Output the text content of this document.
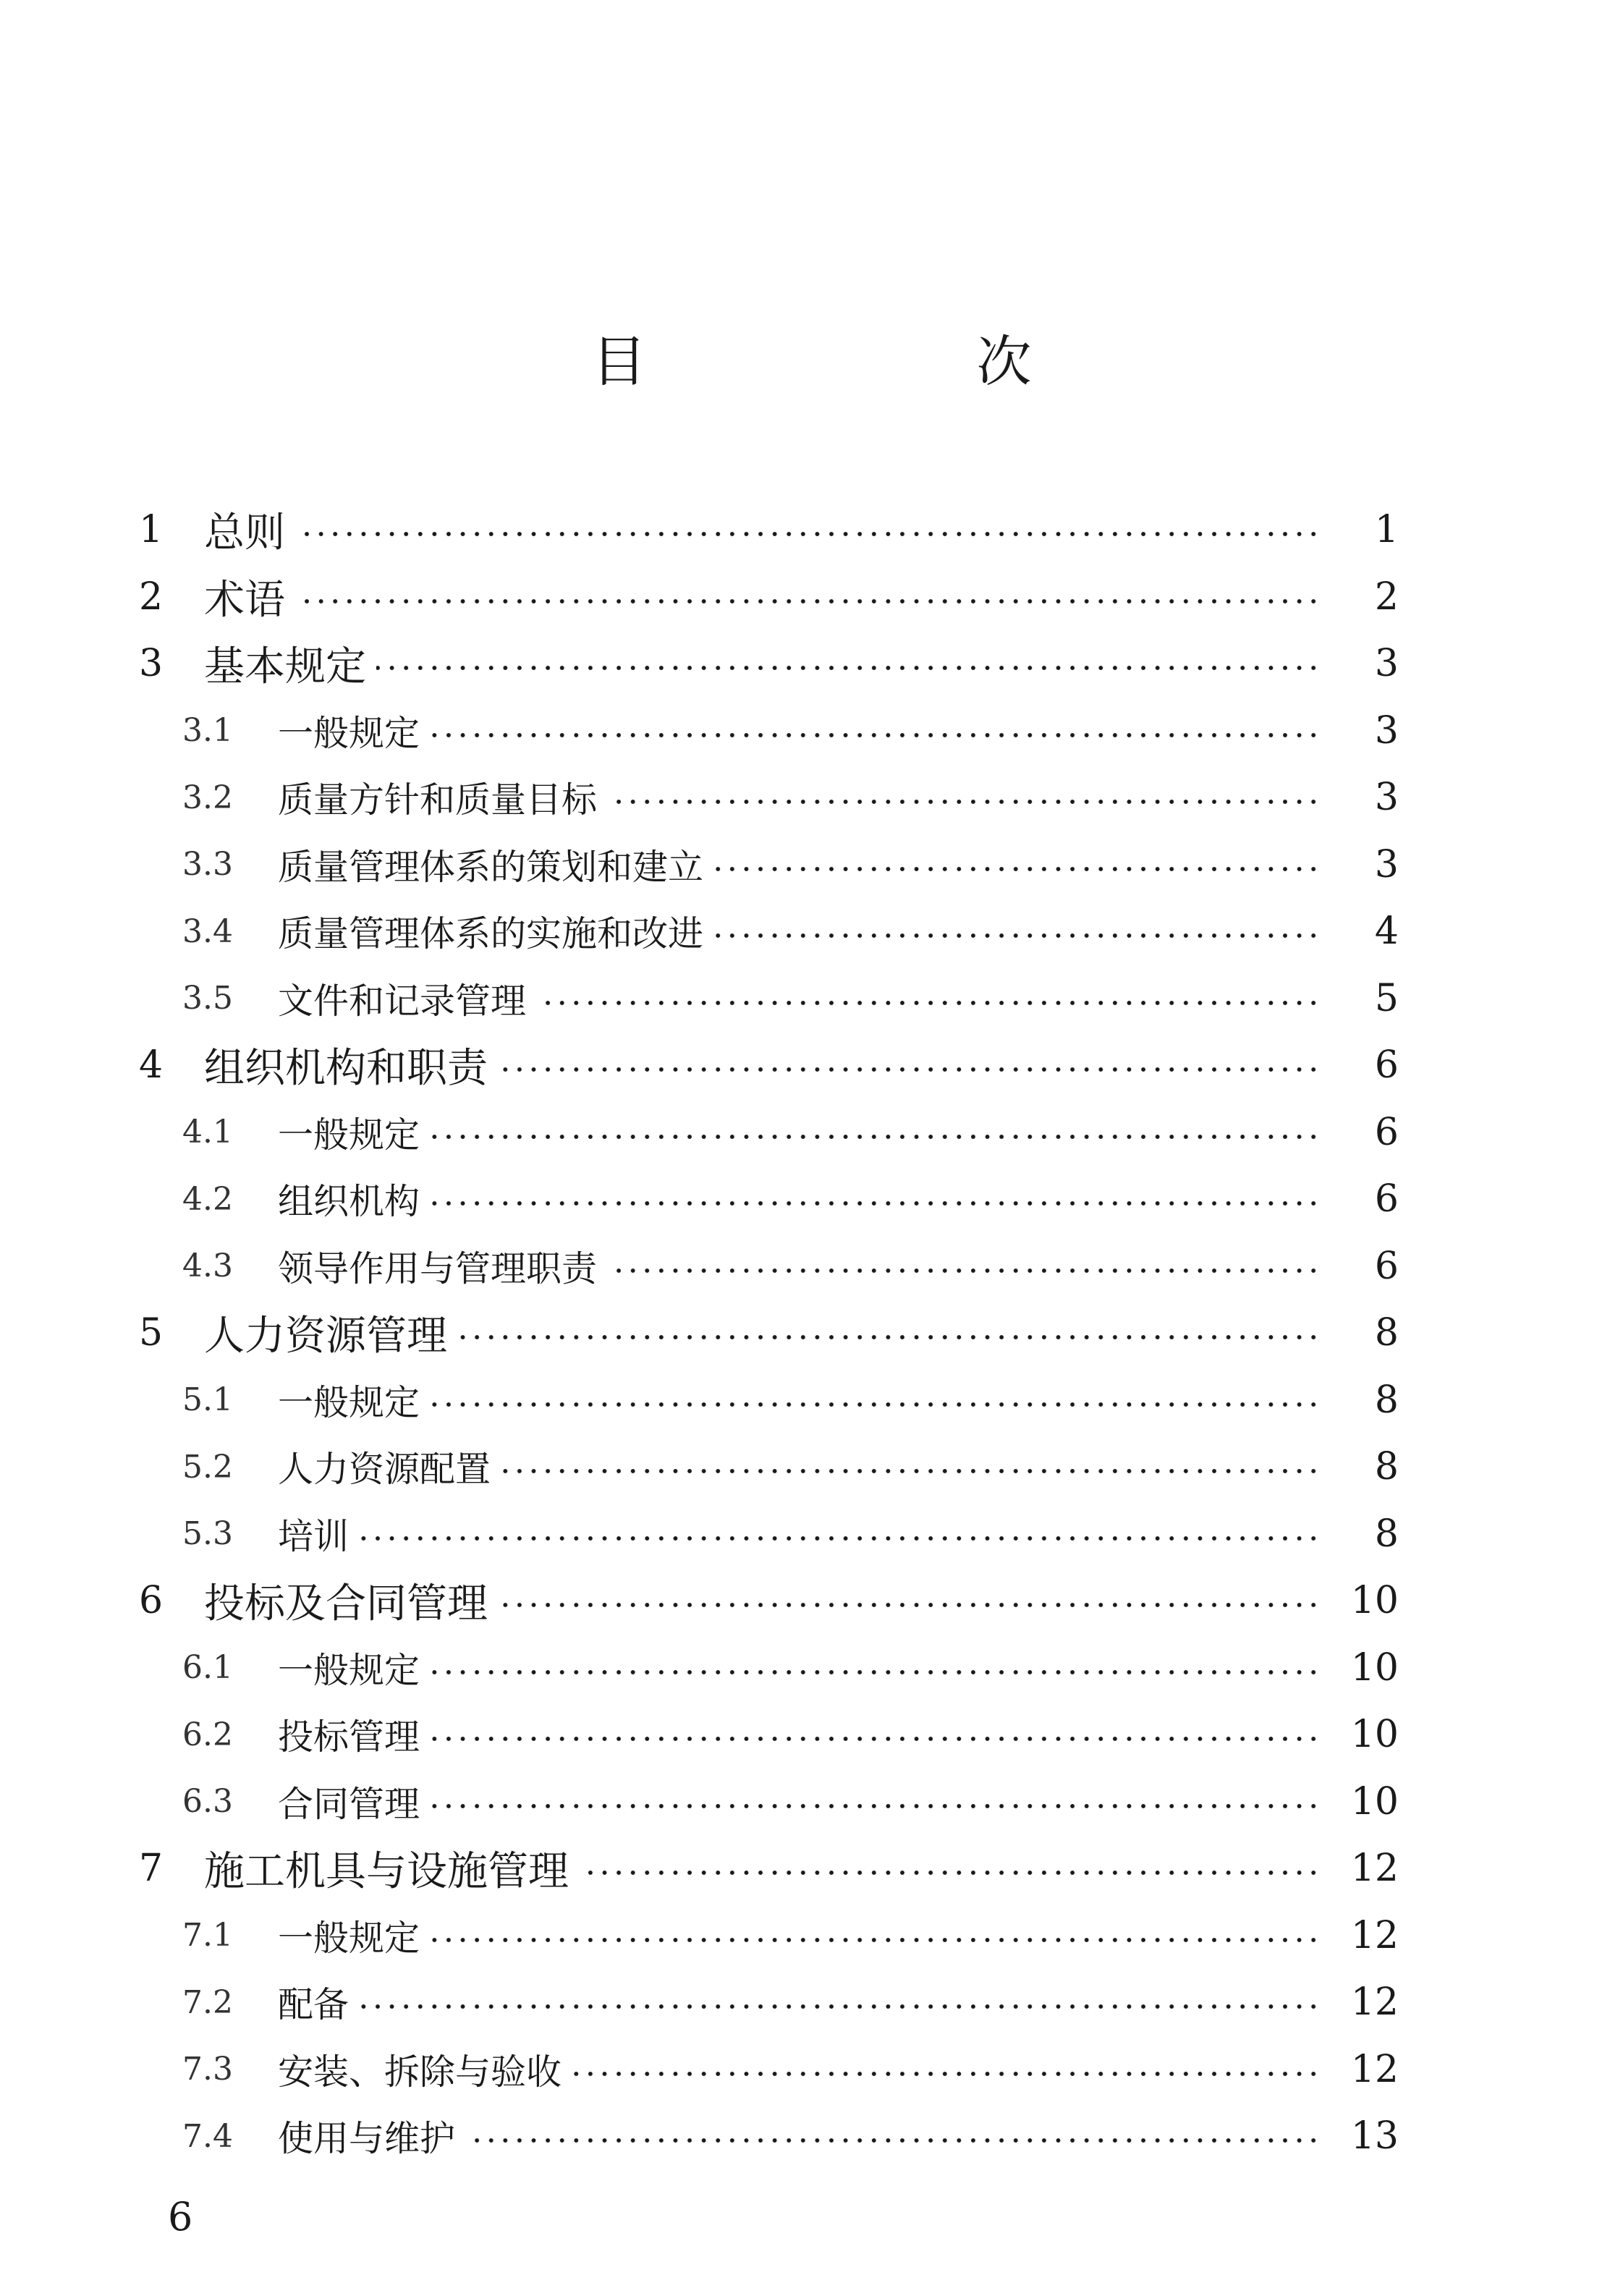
目　次
1 总则	1
2 术语	2
3 基本规定	3
3.1 一般规定	3
3.2 质量方针和质量目标	3
3.3 质量管理体系的策划和建立	3
3.4 质量管理体系的实施和改进	4
3.5 文件和记录管理	5
4 组织机构和职责	6
4.1 一般规定	6
4.2 组织机构	6
4.3 领导作用与管理职责	6
5 人力资源管理	8
5.1 一般规定	8
5.2 人力资源配置	8
5.3 培训	8
6 投标及合同管理	10
6.1 一般规定	10
6.2 投标管理	10
6.3 合同管理	10
7 施工机具与设施管理	12
7.1 一般规定	12
7.2 配备	12
7.3 安装、拆除与验收	12
7.4 使用与维护	13
6
